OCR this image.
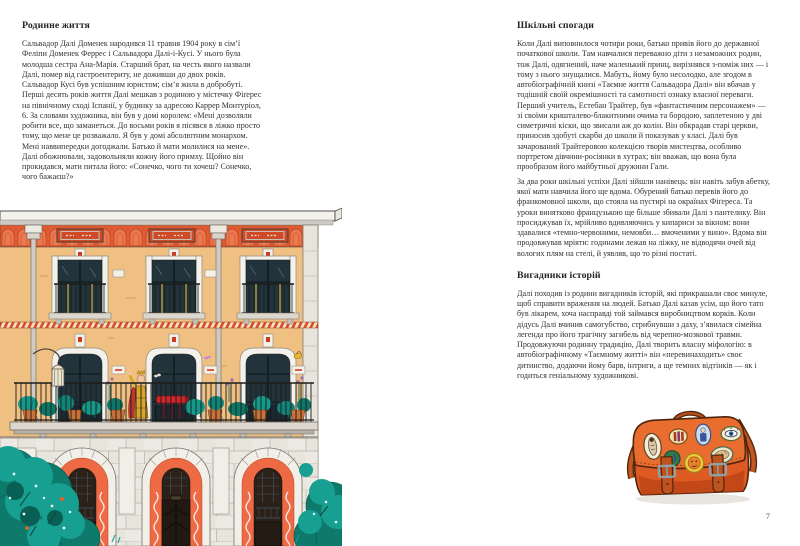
Родинне життя

Сальвадор Далі Доменек народився 11 травня 1904 року в сім’ї Феліпи Доменек Феррес і Сальвадора Далі-і-Кусі. У нього була молодша сестра Ана-Марія. Старший брат, на честь якого назвали Далі, помер від гастроентериту, не доживши до двох років. Сальвадор Кусі був успішним юристом; сім’я жила в добробуті. Перші десять років життя Далі мешкав з родиною у містечку Фіґерес на північному сході Іспанії, у будинку за адресою Каррер Монтуріол, 6. За словами художника, він був у домі королем: «Мені дозволяли робити все, що заманеться. До восьми років я пісявся в ліжко просто тому, що мене це розважало. Я був у домі абсолютним монархом. Мені наввипередки догоджали. Батько й мати молилися на мене». Далі обожнювали, задовольняли кожну його примху. Щойно він прокидався, мати питала його: «Сонечко, чого ти хочеш? Сонечко, чого бажаєш?»

Шкільні спогади

Коли Далі виповнилося чотири роки, батько привів його до державної початкової школи. Там навчалися переважно діти з незаможних родин, тож Далі, одягнений, наче маленький принц, вирізнявся з-поміж них — і тому з нього знущалися. Мабуть, йому було несолодко, але згодом в автобіографічній книзі «Таємне життя Сальвадора Далі» він вбачав у тодішній своїй окремішності та самотності ознаку власної переваги. Перший учитель, Естебан Трайтер, був «фантастичним персонажем» — зі своїми кришталево-блакитними очима та бородою, заплетеною у дві симетричні кіски, що звисали аж до колін. Він обкрадав старі церкви, приносив здобуті скарби до школи й показував у класі. Далі був зачарований Трайтеровою колекцією творів мистецтва, особливо портретом дівчини-росіянки в хутрах; він вважав, що вона була прообразом його майбутньої дружини Гали.

За два роки шкільні успіхи Далі зійшли нанівець: він навіть забув абетку, якої мати навчила його ще вдома. Обурений батько перевів його до франкомовної школи, що стояла на пустирі на окраїнах Фіґереса. Та уроки винятково французькою ще більше збивали Далі з пантелику. Він просиджував їх, мрійливо вдивляючись у кипариси за вікном: вони здавалися «темно-червоними, немовби… вмоченими у вино». Вдома він продовжував мріяти: годинами лежав на ліжку, не відводячи очей від вологих плям на стелі, й уявляв, що то різні постаті.

Вигадники історій

Далі походив із родини вигадників історій, які прикрашали своє минуле, щоб справити враження на людей. Батько Далі казав усім, що його тато був лікарем, хоча насправді той займався виробництвом корків. Коли дідусь Далі вчинив самогубство, стрибнувши з даху, з’явилася сімейна легенда про його трагічну загибель від черепно-мозкової травми. Продовжуючи родинну традицію, Далі творить власну міфологію: в автобіографічному «Таємному житті» він «перевинаходить» своє дитинство, додаючи йому барв, інтриги, а ще темних відтінків — як і годиться геніальному художникові.

7
